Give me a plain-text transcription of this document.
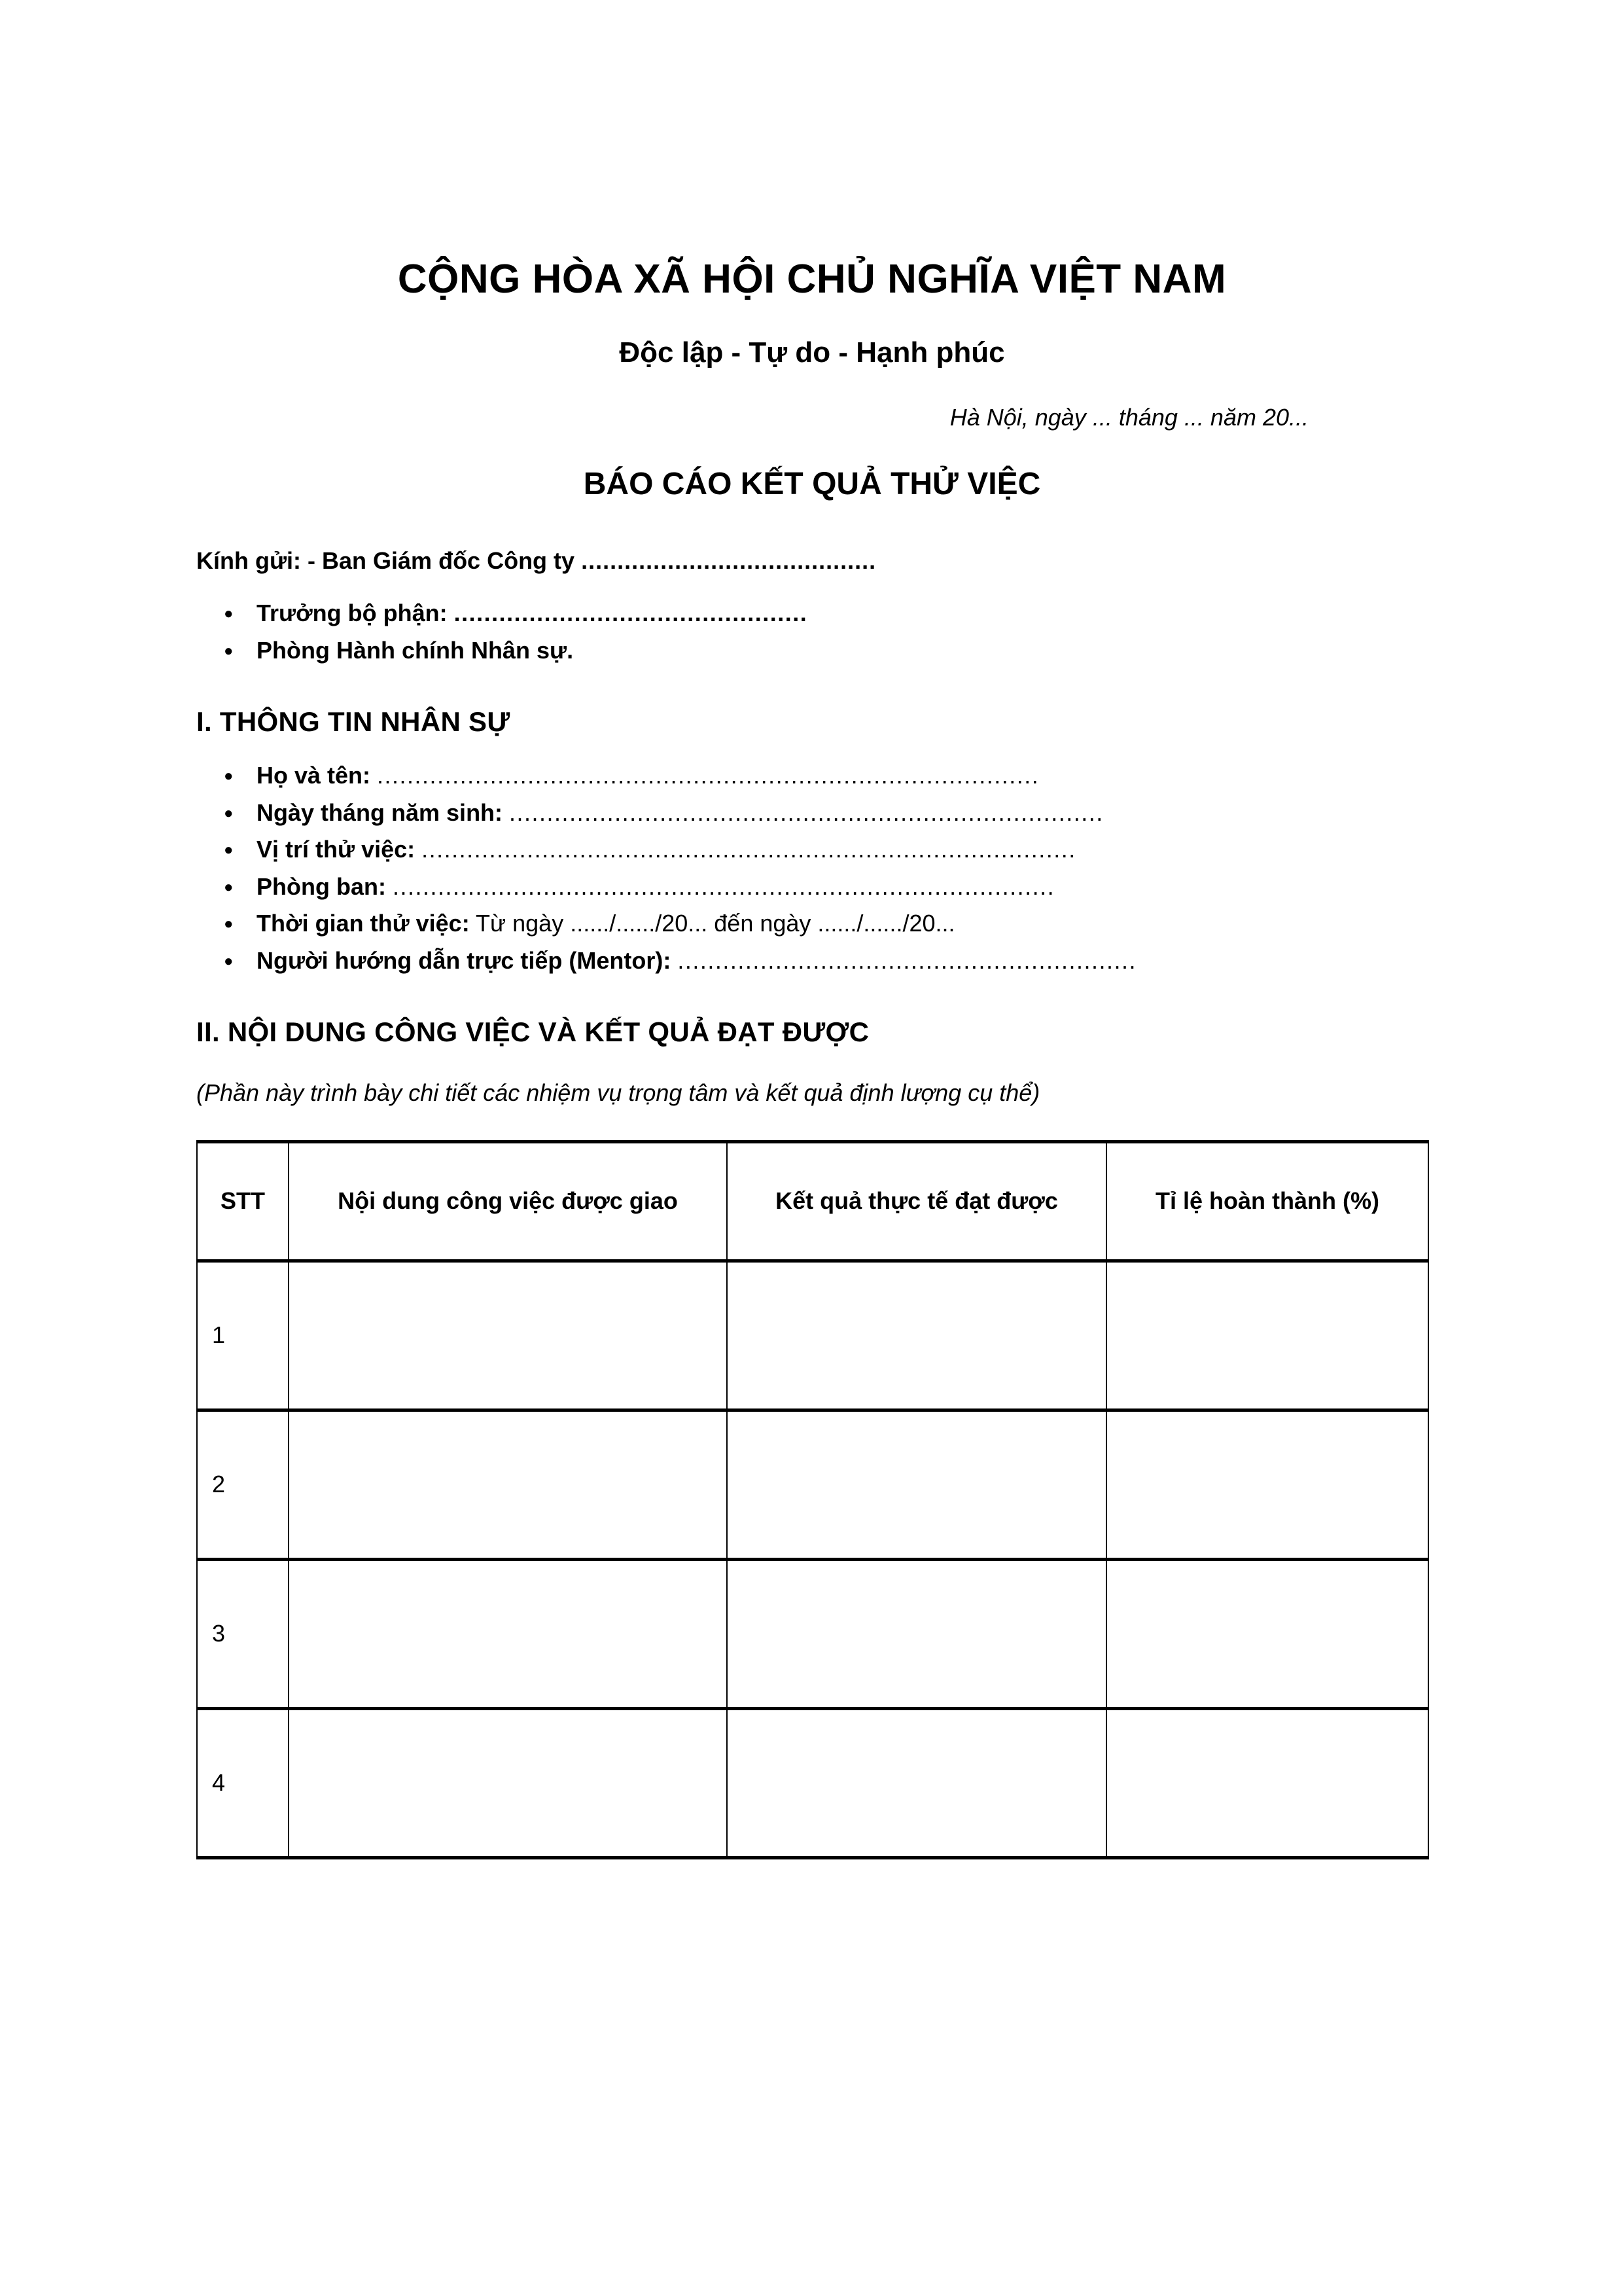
CỘNG HÒA XÃ HỘI CHỦ NGHĨA VIỆT NAM
Độc lập - Tự do - Hạnh phúc

Hà Nội, ngày ... tháng ... năm 20...

BÁO CÁO KẾT QUẢ THỬ VIỆC

Kính gửi: - Ban Giám đốc Công ty .........................................

● Trưởng bộ phận: ...............................................
● Phòng Hành chính Nhân sự.
I. THÔNG TIN NHÂN SỰ
● Họ và tên: ........................................................................................
● Ngày tháng năm sinh: ...............................................................................
● Vị trí thử việc: .......................................................................................
● Phòng ban: ........................................................................................
● Thời gian thử việc: Từ ngày ....../....../20... đến ngày ....../....../20...
● Người hướng dẫn trực tiếp (Mentor): .............................................................
II. NỘI DUNG CÔNG VIỆC VÀ KẾT QUẢ ĐẠT ĐƯỢC

(Phần này trình bày chi tiết các nhiệm vụ trọng tâm và kết quả định lượng cụ thể)

STT	Nội dung công việc được giao	Kết quả thực tế đạt được	Tỉ lệ hoàn thành (%)
1			
2			
3			
4			
